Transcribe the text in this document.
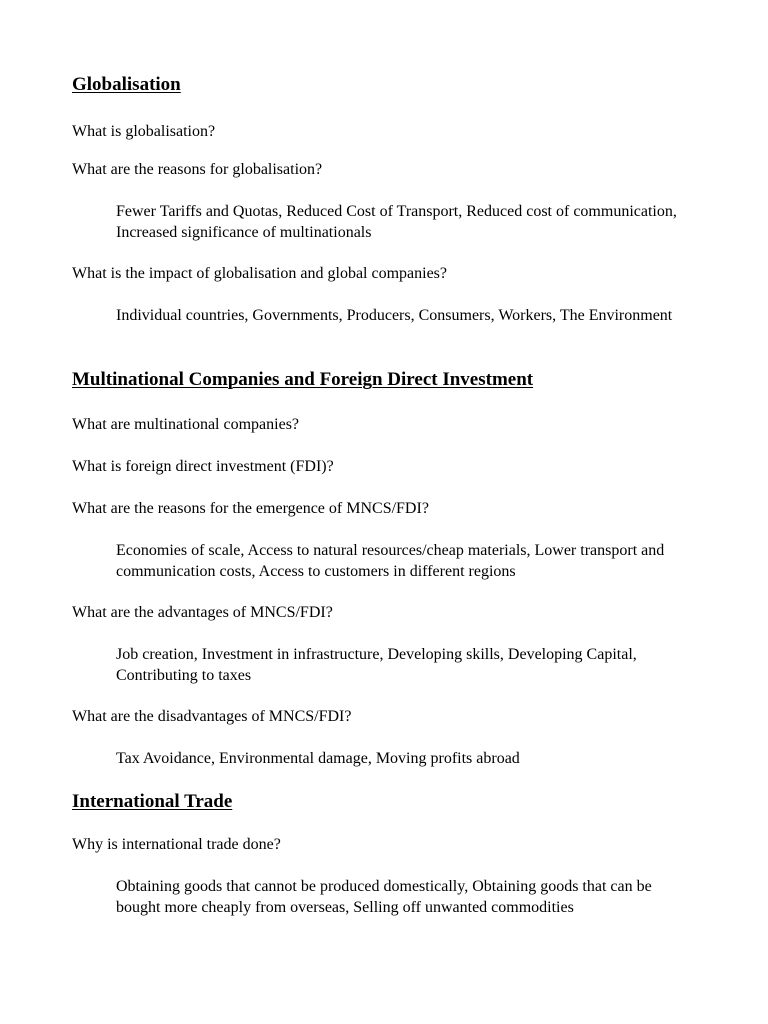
Globalisation

What is globalisation?

What are the reasons for globalisation?

Fewer Tariffs and Quotas, Reduced Cost of Transport, Reduced cost of communication, Increased significance of multinationals

What is the impact of globalisation and global companies?

Individual countries, Governments, Producers, Consumers, Workers, The Environment

Multinational Companies and Foreign Direct Investment

What are multinational companies?

What is foreign direct investment (FDI)?

What are the reasons for the emergence of MNCS/FDI?

Economies of scale, Access to natural resources/cheap materials, Lower transport and communication costs, Access to customers in different regions

What are the advantages of MNCS/FDI?

Job creation, Investment in infrastructure, Developing skills, Developing Capital, Contributing to taxes

What are the disadvantages of MNCS/FDI?

Tax Avoidance, Environmental damage, Moving profits abroad

International Trade

Why is international trade done?

Obtaining goods that cannot be produced domestically, Obtaining goods that can be bought more cheaply from overseas, Selling off unwanted commodities
